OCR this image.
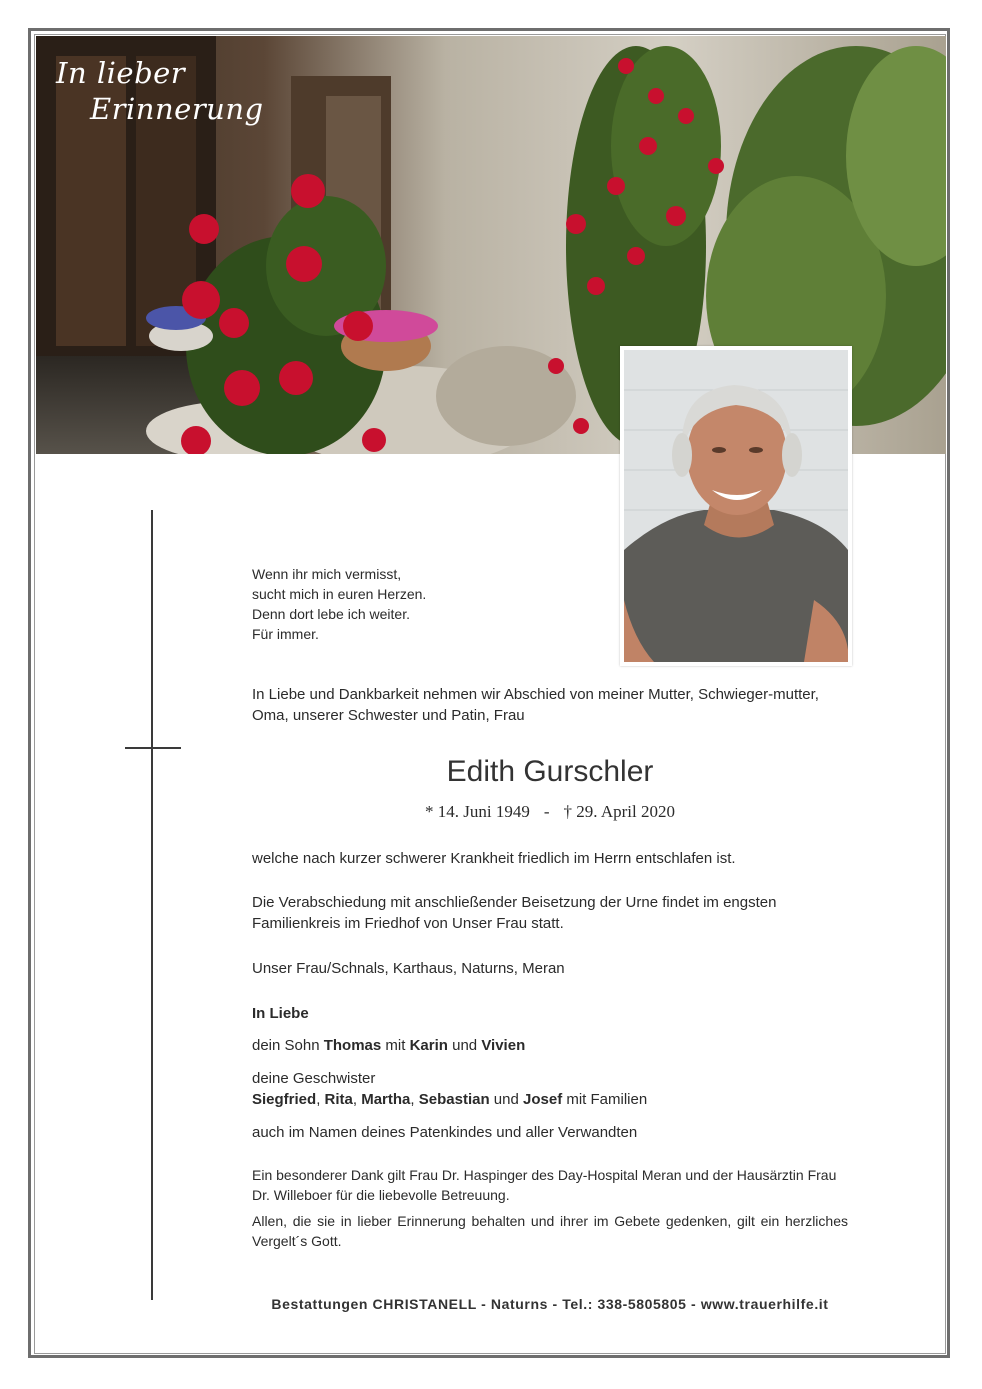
In lieber
Erinnerung
Wenn ihr mich vermisst,
sucht mich in euren Herzen.
Denn dort lebe ich weiter.
Für immer.
In Liebe und Dankbarkeit nehmen wir Abschied von meiner Mutter, Schwieger-mutter, Oma, unserer Schwester und Patin, Frau
Edith Gurschler
* 14. Juni 1949 - † 29. April 2020
welche nach kurzer schwerer Krankheit friedlich im Herrn entschlafen ist.
Die Verabschiedung mit anschließender Beisetzung der Urne findet im engsten Familienkreis im Friedhof von Unser Frau statt.
Unser Frau/Schnals, Karthaus, Naturns, Meran
In Liebe
dein Sohn Thomas mit Karin und Vivien
deine Geschwister
Siegfried, Rita, Martha, Sebastian und Josef mit Familien
auch im Namen deines Patenkindes und aller Verwandten
Ein besonderer Dank gilt Frau Dr. Haspinger des Day-Hospital Meran und der Hausärztin Frau Dr. Willeboer für die liebevolle Betreuung.
Allen, die sie in lieber Erinnerung behalten und ihrer im Gebete gedenken, gilt ein herzliches Vergelt´s Gott.
Bestattungen CHRISTANELL - Naturns - Tel.: 338-5805805 - www.trauerhilfe.it
